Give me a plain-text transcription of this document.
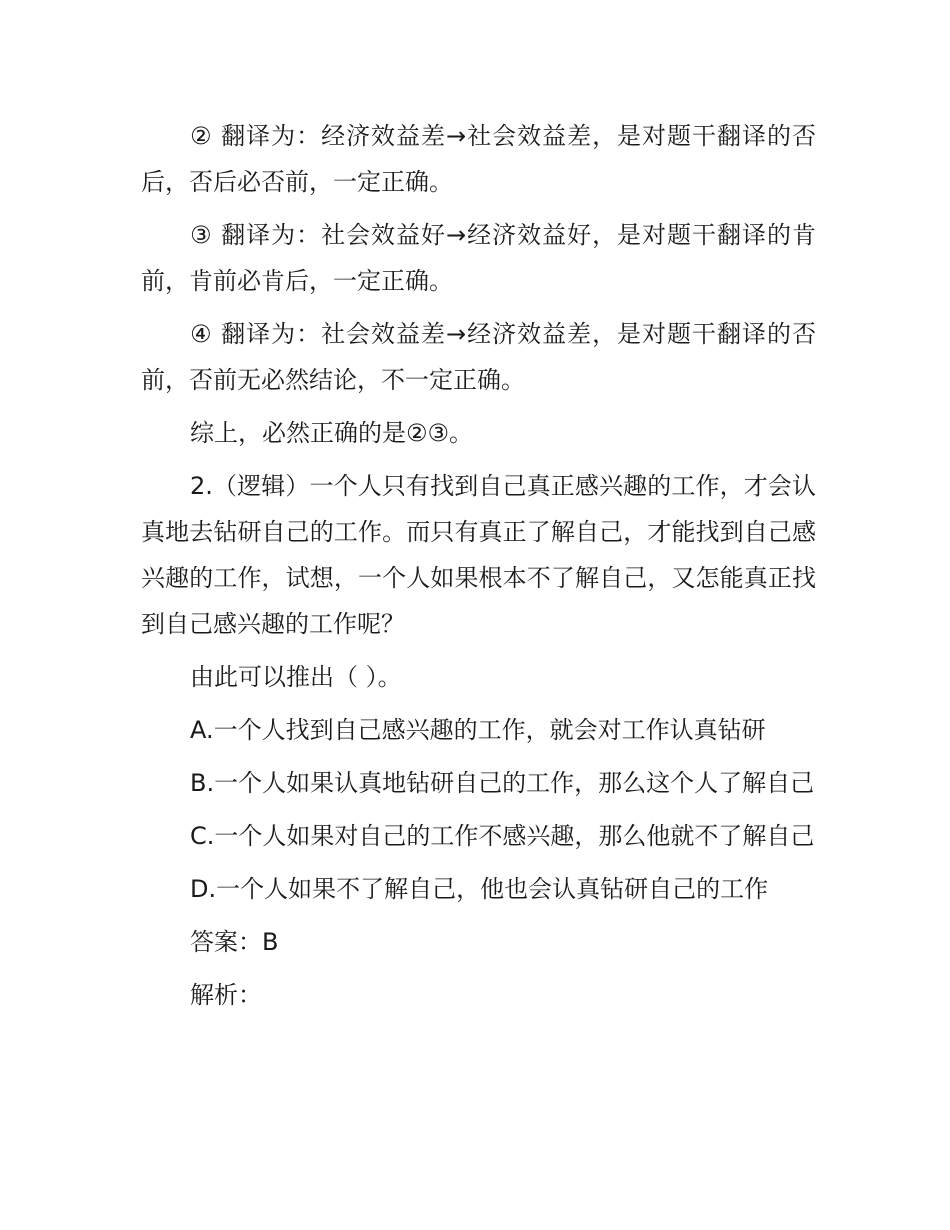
② 翻译为：经济效益差→社会效益差，是对题干翻译的否后，否后必否前，一定正确。

③ 翻译为：社会效益好→经济效益好，是对题干翻译的肯前，肯前必肯后，一定正确。

④ 翻译为：社会效益差→经济效益差，是对题干翻译的否前，否前无必然结论，不一定正确。

综上，必然正确的是②③。

2.（逻辑）一个人只有找到自己真正感兴趣的工作，才会认真地去钻研自己的工作。而只有真正了解自己，才能找到自己感兴趣的工作，试想，一个人如果根本不了解自己，又怎能真正找到自己感兴趣的工作呢？

由此可以推出（ ）。

A.一个人找到自己感兴趣的工作，就会对工作认真钻研

B.一个人如果认真地钻研自己的工作，那么这个人了解自己

C.一个人如果对自己的工作不感兴趣，那么他就不了解自己

D.一个人如果不了解自己，他也会认真钻研自己的工作

答案：B

解析：
